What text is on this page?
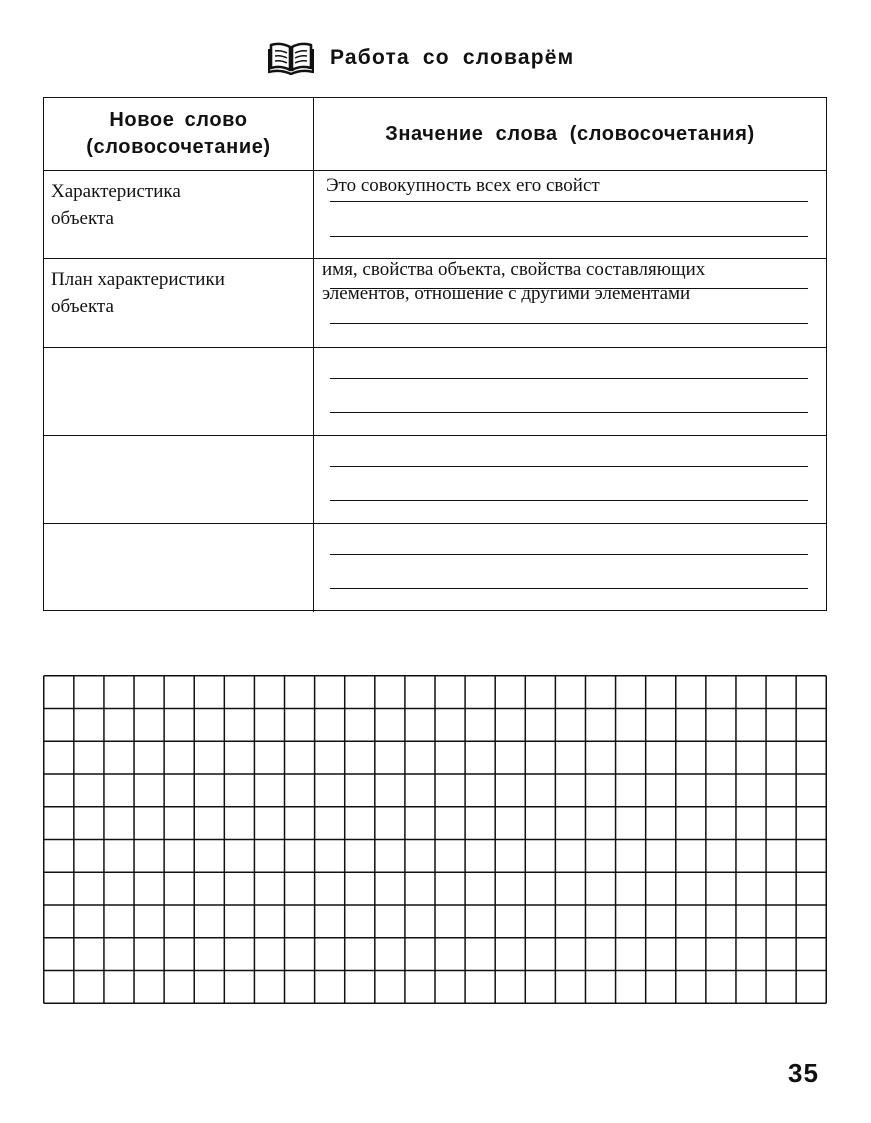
Работа со словарём
Новое слово
(словосочетание)
Значение слова (словосочетания)
Характеристика
объекта
Это совокупность всех его свойст
План характеристики
объекта
имя, свойства объекта, свойства составляющих
элементов, отношение с другими элементами
35
